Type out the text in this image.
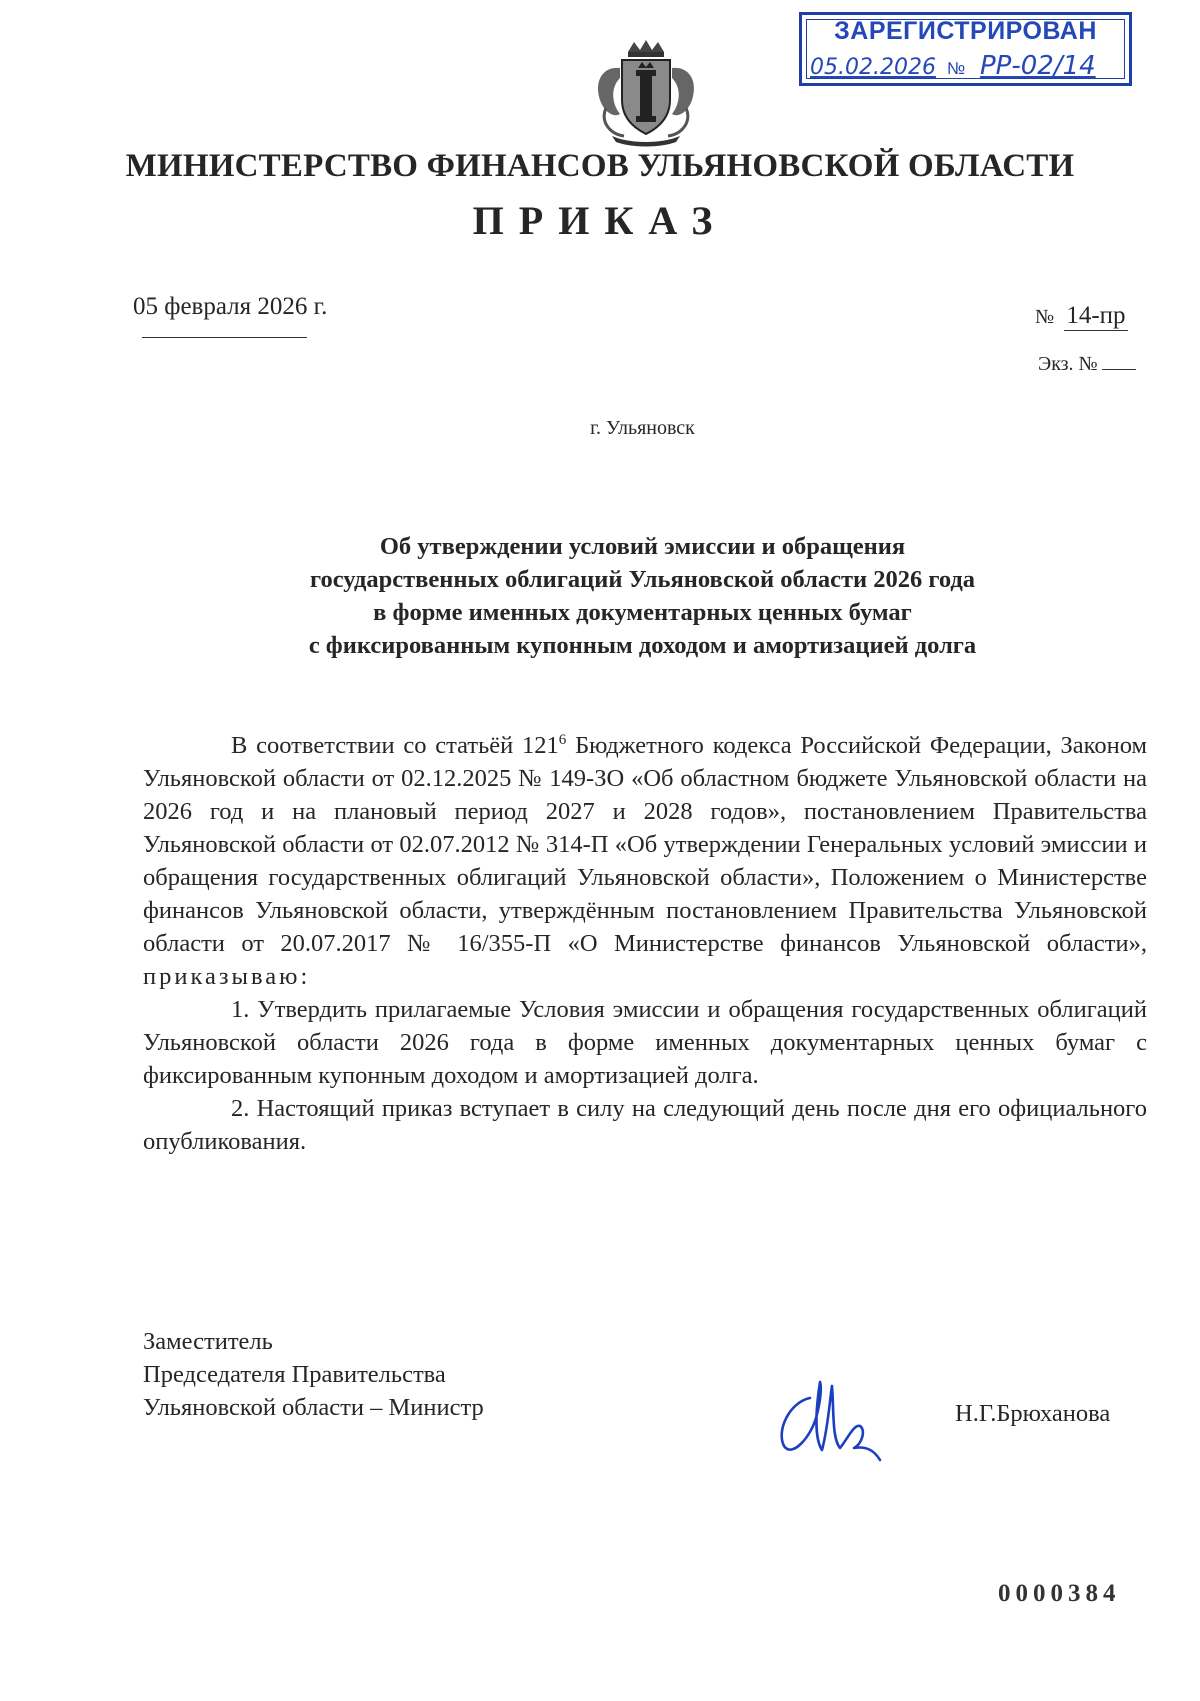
ЗАРЕГИСТРИРОВАН
05.02.2026 № РР-02/14
МИНИСТЕРСТВО ФИНАНСОВ УЛЬЯНОВСКОЙ ОБЛАСТИ
ПРИКАЗ
05 февраля 2026 г.	№ 14-пр
Экз. №
г. Ульяновск
Об утверждении условий эмиссии и обращения
государственных облигаций Ульяновской области 2026 года
в форме именных документарных ценных бумаг
с фиксированным купонным доходом и амортизацией долга

В соответствии со статьёй $121^6$ Бюджетного кодекса Российской Федерации, Законом Ульяновской области от 02.12.2025 № 149-ЗО «Об областном бюджете Ульяновской области на 2026 год и на плановый период 2027 и 2028 годов», постановлением Правительства Ульяновской области от 02.07.2012 № 314-П «Об утверждении Генеральных условий эмиссии и обращения государственных облигаций Ульяновской области», Положением о Министерстве финансов Ульяновской области, утверждённым постановлением Правительства Ульяновской области от 20.07.2017 № 16/355-П «О Министерстве финансов Ульяновской области», приказываю:

1. Утвердить прилагаемые Условия эмиссии и обращения государственных облигаций Ульяновской области 2026 года в форме именных документарных ценных бумаг с фиксированным купонным доходом и амортизацией долга.

2. Настоящий приказ вступает в силу на следующий день после дня его официального опубликования.

Заместитель
Председателя Правительства
Ульяновской области – Министр	Н.Г.Брюханова
0000384
